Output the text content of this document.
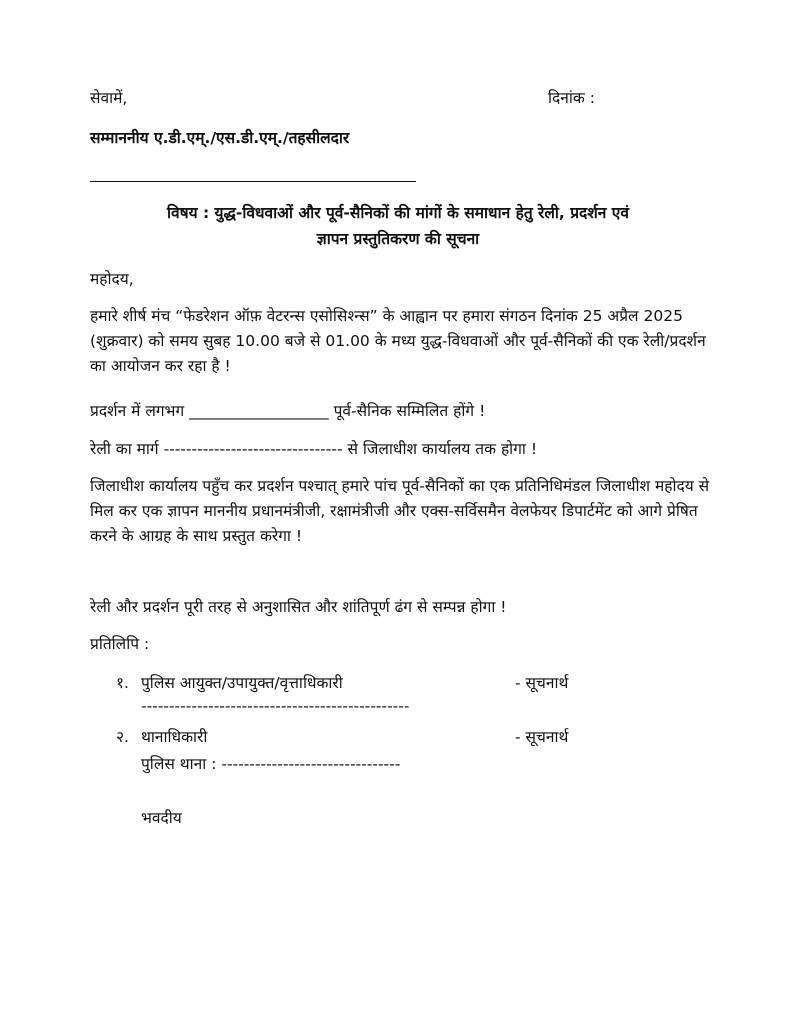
सेवामें,	दिनांक :
सम्माननीय ए.डी.एम्./एस.डी.एम्./तहसीलदार
विषय : युद्ध-विधवाओं और पूर्व-सैनिकों की मांगों के समाधान हेतु रेली, प्रदर्शन एवं
ज्ञापन प्रस्तुतिकरण की सूचना
महोदय,
हमारे शीर्ष मंच “फेडरेशन ऑफ़ वेटरन्स एसोसिश्न्स” के आह्वान पर हमारा संगठन दिनांक 25 अप्रैल 2025 (शुक्रवार) को समय सुबह 10.00 बजे से 01.00 के मध्य युद्ध-विधवाओं और पूर्व-सैनिकों की एक रेली/प्रदर्शन का आयोजन कर रहा है !
प्रदर्शन में लगभग __________________ पूर्व-सैनिक सम्मिलित होंगे !
रेली का मार्ग -------------------------------- से जिलाधीश कार्यालय तक होगा !
जिलाधीश कार्यालय पहुँच कर प्रदर्शन पश्चात् हमारे पांच पूर्व-सैनिकों का एक प्रतिनिधिमंडल जिलाधीश महोदय से मिल कर एक ज्ञापन माननीय प्रधानमंत्रीजी, रक्षामंत्रीजी और एक्स-सर्विसमैन वेलफेयर डिपार्टमेंट को आगे प्रेषित करने के आग्रह के साथ प्रस्तुत करेगा !
रेली और प्रदर्शन पूरी तरह से अनुशासित और शांतिपूर्ण ढंग से सम्पन्न होगा !
प्रतिलिपि :
१. पुलिस आयुक्त/उपायुक्त/वृत्ताधिकारी	- सूचनार्थ
------------------------------------------------
२. थानाधिकारी	- सूचनार्थ
पुलिस थाना : --------------------------------
भवदीय
